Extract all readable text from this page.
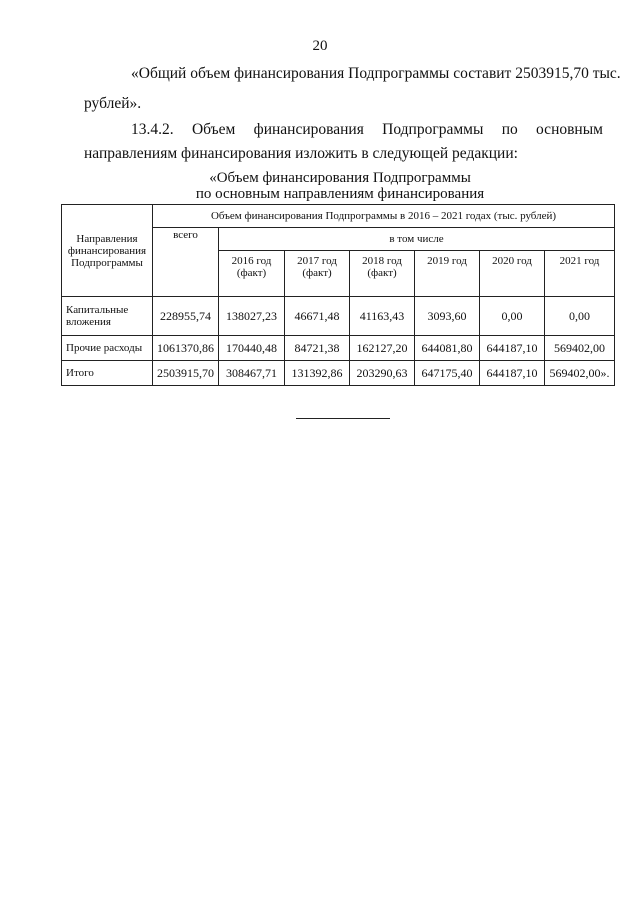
20
«Общий объем финансирования Подпрограммы составит 2503915,70 тыс.
рублей».
13.4.2. Объем финансирования Подпрограммы по основным
направлениям финансирования изложить в следующей редакции:
«Объем финансирования Подпрограммы
по основным направлениям финансирования
Направления финансирования Подпрограммы	Объем финансирования Подпрограммы в 2016 – 2021 годах (тыс. рублей)						
	всего	в том числе					
		2016 год (факт)	2017 год (факт)	2018 год (факт)	2019 год	2020 год	2021 год
Капитальные вложения	228955,74	138027,23	46671,48	41163,43	3093,60	0,00	0,00
Прочие расходы	1061370,86	170440,48	84721,38	162127,20	644081,80	644187,10	569402,00
Итого	2503915,70	308467,71	131392,86	203290,63	647175,40	644187,10	569402,00».
